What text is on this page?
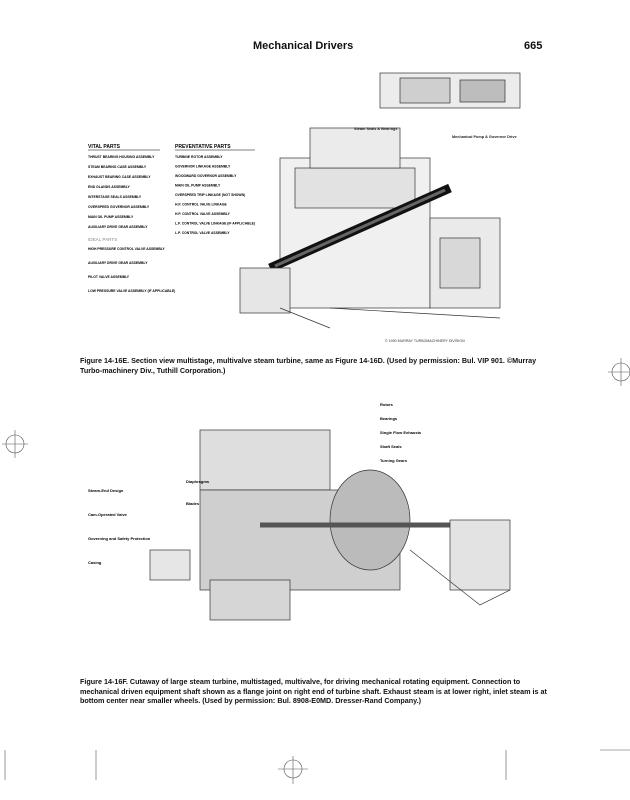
Mechanical Drivers	665
VITAL PARTS	PREVENTATIVE PARTS
THRUST BEARING HOUSING ASSEMBLY
STEAM BEARING CASE ASSEMBLY
EXHAUST BEARING CASE ASSEMBLY
END GLANDS ASSEMBLY
INTERSTAGE SEALS ASSEMBLY
OVERSPEED GOVERNOR ASSEMBLY
MAIN OIL PUMP ASSEMBLY
AUXILIARY DRIVE GEAR ASSEMBLY
TURBINE ROTOR ASSEMBLY
GOVERNOR LINKAGE ASSEMBLY
WOODWARD GOVERNOR ASSEMBLY
MAIN OIL PUMP ASSEMBLY
OVERSPEED TRIP LINKAGE (NOT SHOWN)
H.P. CONTROL VALVE LINKAGE
H.P. CONTROL VALVE ASSEMBLY
L.P. CONTROL VALVE LINKAGE (IF APPLICABLE)
L.P. CONTROL VALVE ASSEMBLY
IDEAL PARTS
HIGH PRESSURE CONTROL VALVE ASSEMBLY
AUXILIARY DRIVE GEAR ASSEMBLY
PILOT VALVE ASSEMBLY
LOW PRESSURE VALVE ASSEMBLY (IF APPLICABLE)
Steam Seals & Bearings
Mechanical Pump & Governor Drive
© 1990 MURRAY TURBOMACHINERY DIVISION
Figure 14-16E. Section view multistage, multivalve steam turbine, same as Figure 14-16D. (Used by permission: Bul. VIP 901. ©Murray Turbo-machinery Div., Tuthill Corporation.)
Steam-End Design
Cam-Operated Valve
Governing and Safety Protection
Casing
Diaphragms
Blades
Rotors
Bearings
Single Flow Exhausts
Shaft Seals
Turning Gears
Figure 14-16F. Cutaway of large steam turbine, multistaged, multivalve, for driving mechanical rotating equipment. Connection to mechanical driven equipment shaft shown as a flange joint on right end of turbine shaft. Exhaust steam is at lower right, inlet steam is at bottom center near smaller wheels. (Used by permission: Bul. 8908-E0MD. Dresser-Rand Company.)
